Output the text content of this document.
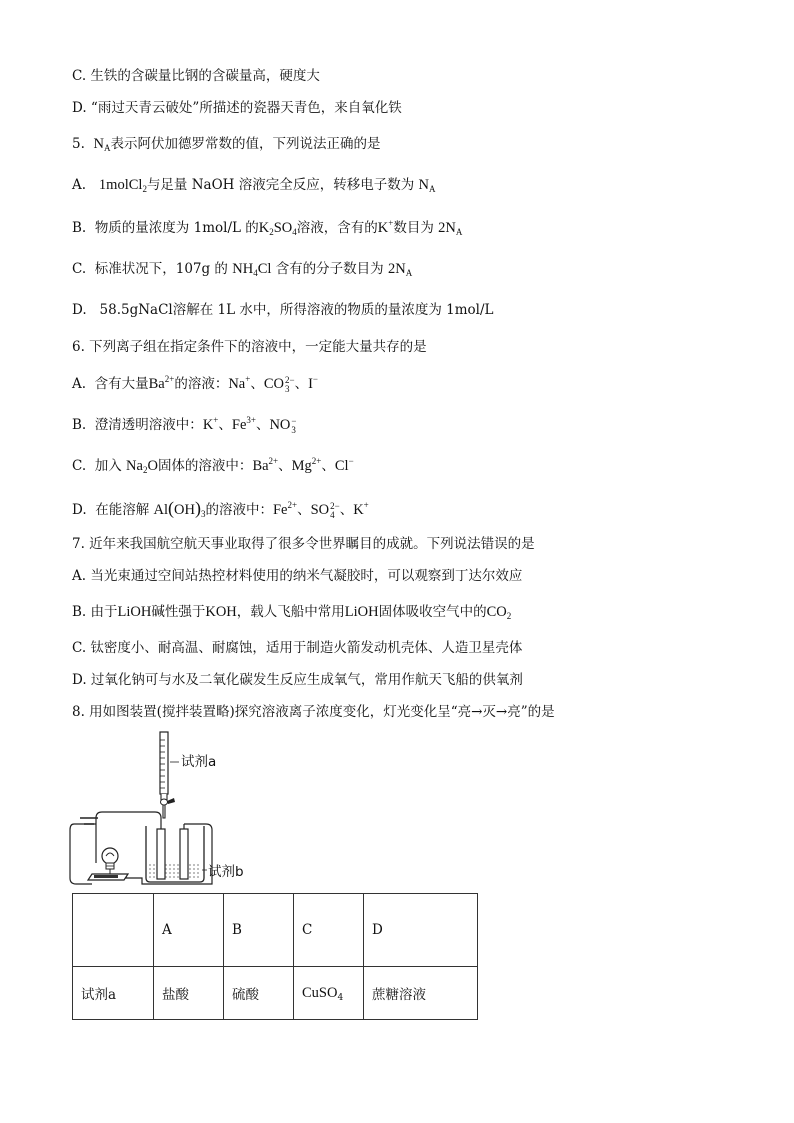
C. 生铁的含碳量比钢的含碳量高，硬度大
D. “雨过天青云破处”所描述的瓷器天青色，来自氧化铁
5. $N_A$表示阿伏加德罗常数的值，下列说法正确的是
A. 1molCl$_2$与足量 NaOH 溶液完全反应，转移电子数为 $N_A$
B. 物质的量浓度为 1mol/L 的$K_2SO_4$溶液，含有的K+数目为 $2N_A$
C. 标准状况下，107g 的 $NH_4Cl$ 含有的分子数目为 $2N_A$
D. 58.5gNaCl溶解在 1L 水中，所得溶液的物质的量浓度为 1mol/L
6. 下列离子组在指定条件下的溶液中，一定能大量共存的是
A. 含有大量$Ba^{2+}$的溶液：Na+、CO 2−
3 、I−
B. 澄清透明溶液中：K+、$Fe^{3+}$、NO −
3
C. 加入 $Na_2O$固体的溶液中：$Ba^{2+}$、$Mg^{2+}$、Cl−
D. 在能溶解 $Al(OH)_3$的溶液中：$Fe^{2+}$、SO 2−
4 、K+
7. 近年来我国航空航天事业取得了很多令世界瞩目的成就。下列说法错误的是
A. 当光束通过空间站热控材料使用的纳米气凝胶时，可以观察到丁达尔效应
B. 由于LiOH碱性强于KOH，载人飞船中常用LiOH固体吸收空气中的$CO_2$
C. 钛密度小、耐高温、耐腐蚀，适用于制造火箭发动机壳体、人造卫星壳体
D. 过氧化钠可与水及二氧化碳发生反应生成氧气，常用作航天飞船的供氧剂
8. 用如图装置(搅拌装置略)探究溶液离子浓度变化，灯光变化呈“亮→灭→亮”的是
试剂a
试剂b
	A	B	C	D
试剂a	盐酸	硫酸	CuSO$_4$	蔗糖溶液
